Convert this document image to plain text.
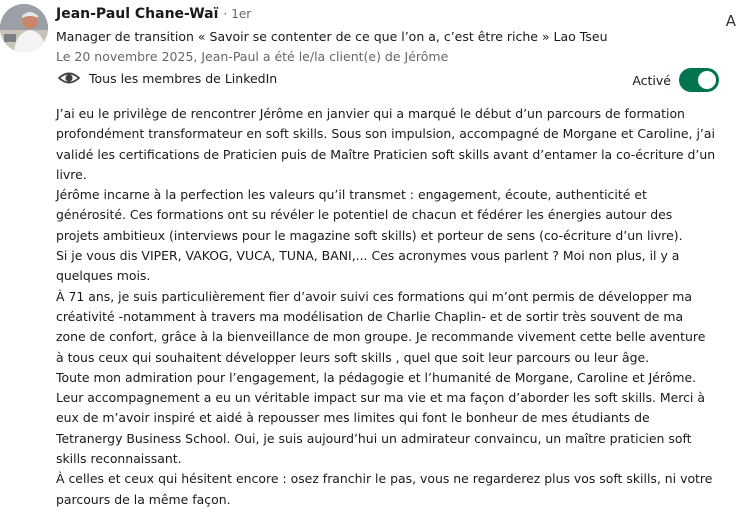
Jean-Paul Chane-Waï · 1er
Manager de transition « Savoir se contenter de ce que l’on a, c’est être riche » Lao Tseu
Le 20 novembre 2025, Jean-Paul a été le/la client(e) de Jérôme
A
Tous les membres de LinkedIn	Activé

J’ai eu le privilège de rencontrer Jérôme en janvier qui a marqué le début d’un parcours de formation profondément transformateur en soft skills. Sous son impulsion, accompagné de Morgane et Caroline, j’ai validé les certifications de Praticien puis de Maître Praticien soft skills avant d’entamer la co-écriture d’un livre.

Jérôme incarne à la perfection les valeurs qu’il transmet : engagement, écoute, authenticité et générosité. Ces formations ont su révéler le potentiel de chacun et fédérer les énergies autour des projets ambitieux (interviews pour le magazine soft skills) et porteur de sens (co-écriture d’un livre).

Si je vous dis VIPER, VAKOG, VUCA, TUNA, BANI,... Ces acronymes vous parlent ? Moi non plus, il y a quelques mois.

À 71 ans, je suis particulièrement fier d’avoir suivi ces formations qui m’ont permis de développer ma créativité -notamment à travers ma modélisation de Charlie Chaplin- et de sortir très souvent de ma zone de confort, grâce à la bienveillance de mon groupe. Je recommande vivement cette belle aventure à tous ceux qui souhaitent développer leurs soft skills , quel que soit leur parcours ou leur âge.

Toute mon admiration pour l’engagement, la pédagogie et l’humanité de Morgane, Caroline et Jérôme. Leur accompagnement a eu un véritable impact sur ma vie et ma façon d’aborder les soft skills. Merci à eux de m’avoir inspiré et aidé à repousser mes limites qui font le bonheur de mes étudiants de Tetranergy Business School. Oui, je suis aujourd’hui un admirateur convaincu, un maître praticien soft skills reconnaissant.

À celles et ceux qui hésitent encore : osez franchir le pas, vous ne regarderez plus vos soft skills, ni votre parcours de la même façon.
